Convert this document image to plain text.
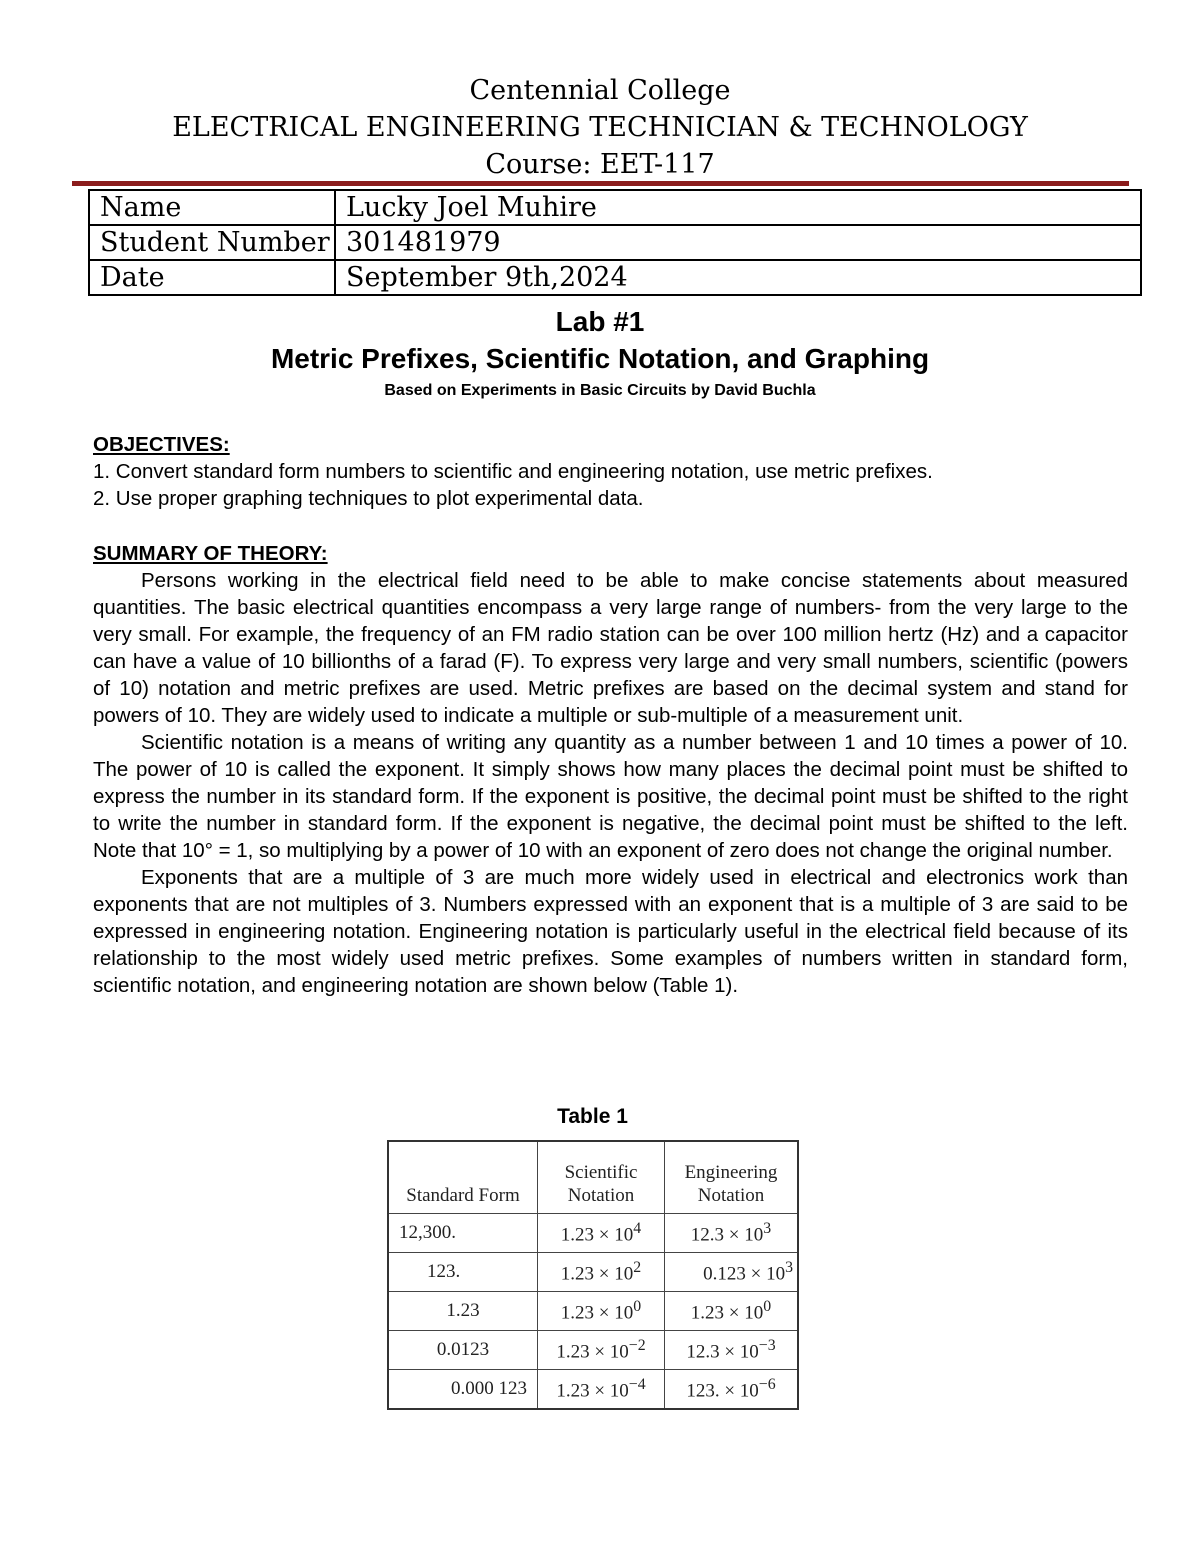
Centennial College
ELECTRICAL ENGINEERING TECHNICIAN & TECHNOLOGY
Course: EET-117
Name	Lucky Joel Muhire
Student Number	301481979
Date	September 9th,2024
Lab #1
Metric Prefixes, Scientific Notation, and Graphing
Based on Experiments in Basic Circuits by David Buchla
OBJECTIVES:
1. Convert standard form numbers to scientific and engineering notation, use metric prefixes.
2. Use proper graphing techniques to plot experimental data.
SUMMARY OF THEORY:

Persons working in the electrical field need to be able to make concise statements about measured quantities. The basic electrical quantities encompass a very large range of numbers- from the very large to the very small. For example, the frequency of an FM radio station can be over 100 million hertz (Hz) and a capacitor can have a value of 10 billionths of a farad (F). To express very large and very small numbers, scientific (powers of 10) notation and metric prefixes are used. Metric prefixes are based on the decimal system and stand for powers of 10. They are widely used to indicate a multiple or sub-multiple of a measurement unit.

Scientific notation is a means of writing any quantity as a number between 1 and 10 times a power of 10. The power of 10 is called the exponent. It simply shows how many places the decimal point must be shifted to express the number in its standard form. If the exponent is positive, the decimal point must be shifted to the right to write the number in standard form. If the exponent is negative, the decimal point must be shifted to the left. Note that 10° = 1, so multiplying by a power of 10 with an exponent of zero does not change the original number.

Exponents that are a multiple of 3 are much more widely used in electrical and electronics work than exponents that are not multiples of 3. Numbers expressed with an exponent that is a multiple of 3 are said to be expressed in engineering notation. Engineering notation is particularly useful in the electrical field because of its relationship to the most widely used metric prefixes. Some examples of numbers written in standard form, scientific notation, and engineering notation are shown below (Table 1).

Table 1
Standard Form	Scientific Notation	Engineering Notation
12,300.	$1.23 \times 10^4$	$12.3 \times 10^3$
123.	$1.23 \times 10^2$	$0.123 \times 10^3$
1.23	$1.23 \times 10^0$	$1.23 \times 10^0$
0.0123	$1.23 \times 10^{-2}$	$12.3 \times 10^{-3}$
0.000 123	$1.23 \times 10^{-4}$	123. × $10^{-6}$
